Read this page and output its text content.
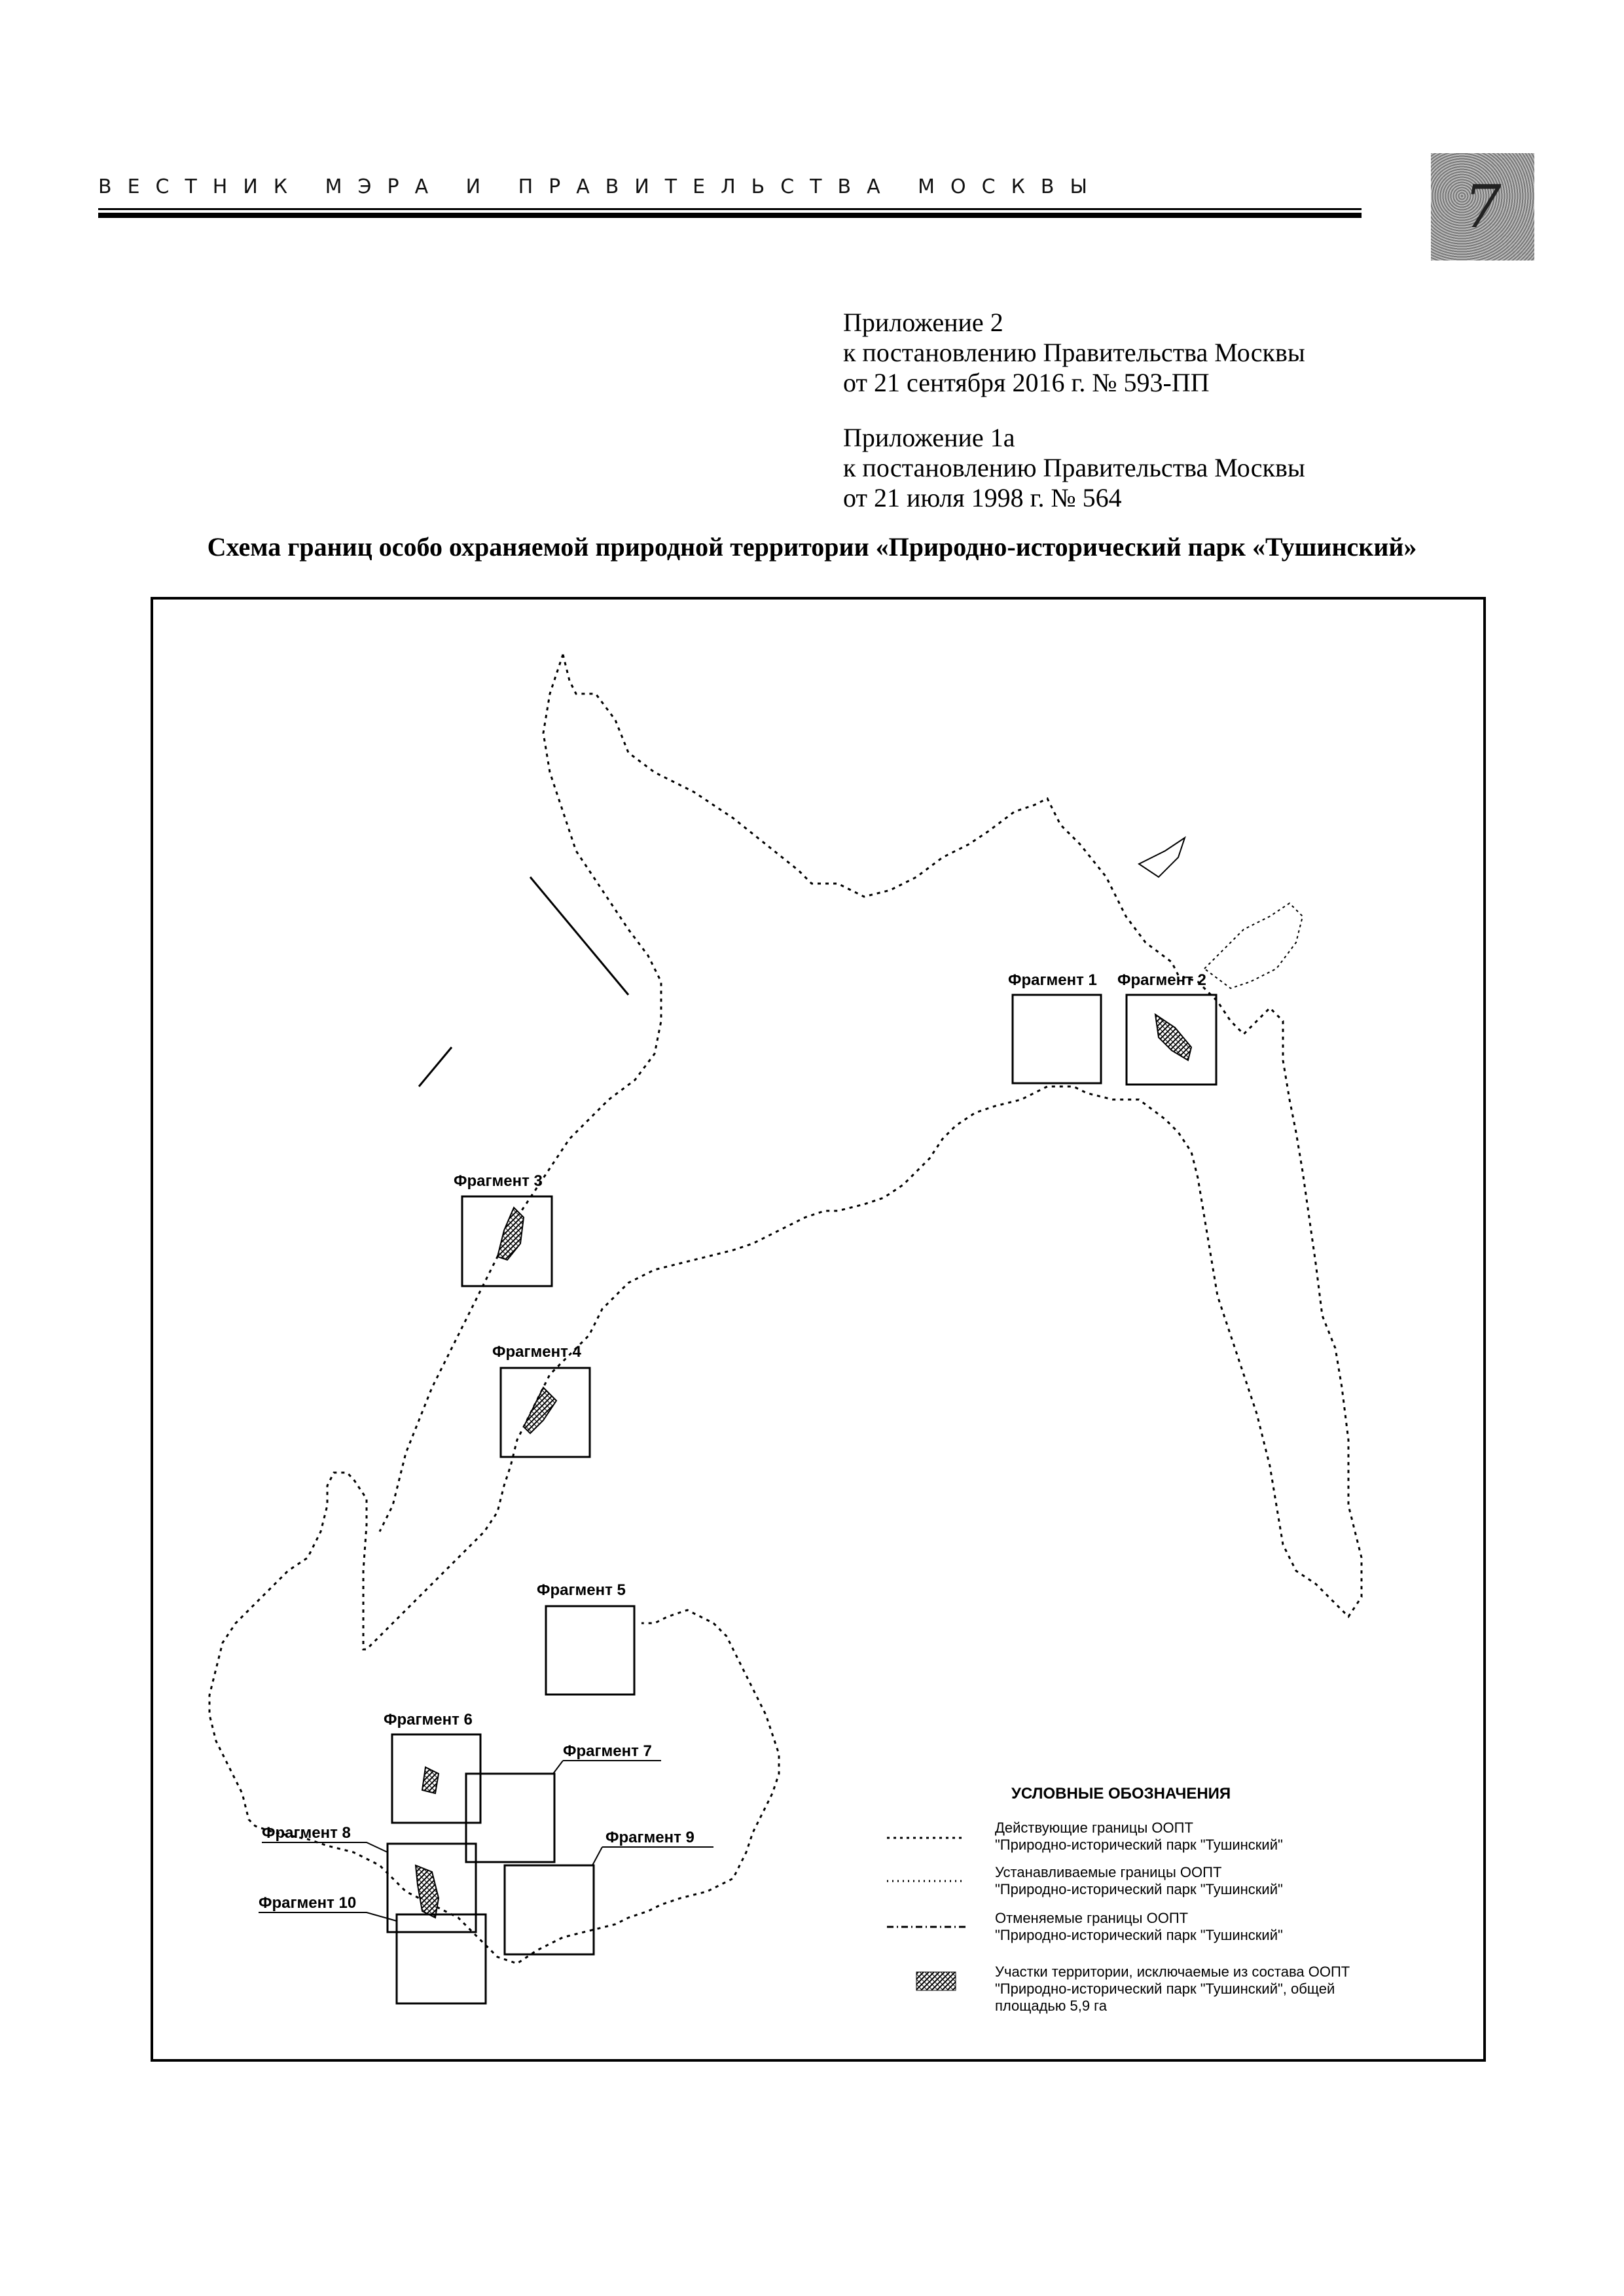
ВЕСТНИК МЭРА И ПРАВИТЕЛЬСТВА МОСКВЫ	7
Приложение 2
к постановлению Правительства Москвы
от 21 сентября 2016 г. № 593-ПП
Приложение 1а
к постановлению Правительства Москвы
от 21 июля 1998 г. № 564
Схема границ особо охраняемой природной территории «Природно-исторический парк «Тушинский»
Фрагмент 1 Фрагмент 2
Фрагмент 3
Фрагмент 4
Фрагмент 5
Фрагмент 6
Фрагмент 7
Фрагмент 8	Фрагмент 9
Фрагмент 10
УСЛОВНЫЕ ОБОЗНАЧЕНИЯ
Действующие границы ООПТ
"Природно-исторический парк "Тушинский"
Устанавливаемые границы ООПТ
"Природно-исторический парк "Тушинский"
Отменяемые границы ООПТ
"Природно-исторический парк "Тушинский"
Участки территории, исключаемые из состава ООПТ
"Природно-исторический парк "Тушинский", общей
площадью 5,9 га
